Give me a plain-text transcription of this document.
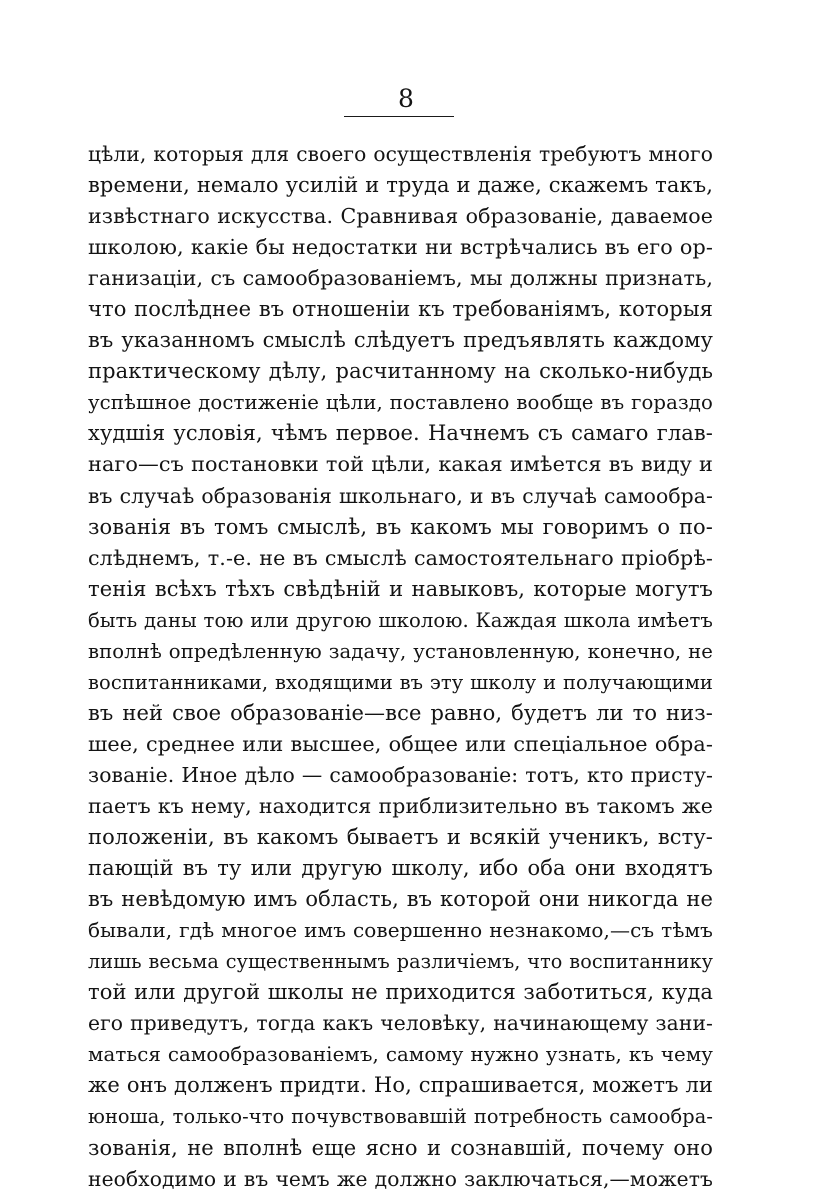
8
цѣли, которыя для своего осуществленія требуютъ много
времени, немало усилій и труда и даже, скажемъ такъ,
извѣстнаго искусства. Сравнивая образованіе, даваемое
школою, какіе бы недостатки ни встрѣчались въ его ор-
ганизаціи, съ самообразованіемъ, мы должны признать,
что послѣднее въ отношеніи къ требованіямъ, которыя
въ указанномъ смыслѣ слѣдуетъ предъявлять каждому
практическому дѣлу, расчитанному на сколько-нибудь
успѣшное достиженіе цѣли, поставлено вообще въ гораздо
худшія условія, чѣмъ первое. Начнемъ съ самаго глав-
наго—съ постановки той цѣли, какая имѣется въ виду и
въ случаѣ образованія школьнаго, и въ случаѣ самообра-
зованія въ томъ смыслѣ, въ какомъ мы говоримъ о по-
слѣднемъ, т.-е. не въ смыслѣ самостоятельнаго пріобрѣ-
тенія всѣхъ тѣхъ свѣдѣній и навыковъ, которые могутъ
быть даны тою или другою школою. Каждая школа имѣетъ
вполнѣ опредѣленную задачу, установленную, конечно, не
воспитанниками, входящими въ эту школу и получающими
въ ней свое образованіе—все равно, будетъ ли то низ-
шее, среднее или высшее, общее или спеціальное обра-
зованіе. Иное дѣло — самообразованіе: тотъ, кто присту-
паетъ къ нему, находится приблизительно въ такомъ же
положеніи, въ какомъ бываетъ и всякій ученикъ, всту-
пающій въ ту или другую школу, ибо оба они входятъ
въ невѣдомую имъ область, въ которой они никогда не
бывали, гдѣ многое имъ совершенно незнакомо,—съ тѣмъ
лишь весьма существеннымъ различіемъ, что воспитаннику
той или другой школы не приходится заботиться, куда
его приведутъ, тогда какъ человѣку, начинающему зани-
маться самообразованіемъ, самому нужно узнать, къ чему
же онъ долженъ придти. Но, спрашивается, можетъ ли
юноша, только-что почувствовавшій потребность самообра-
зованія, не вполнѣ еще ясно и сознавшій, почему оно
необходимо и въ чемъ же должно заключаться,—можетъ
